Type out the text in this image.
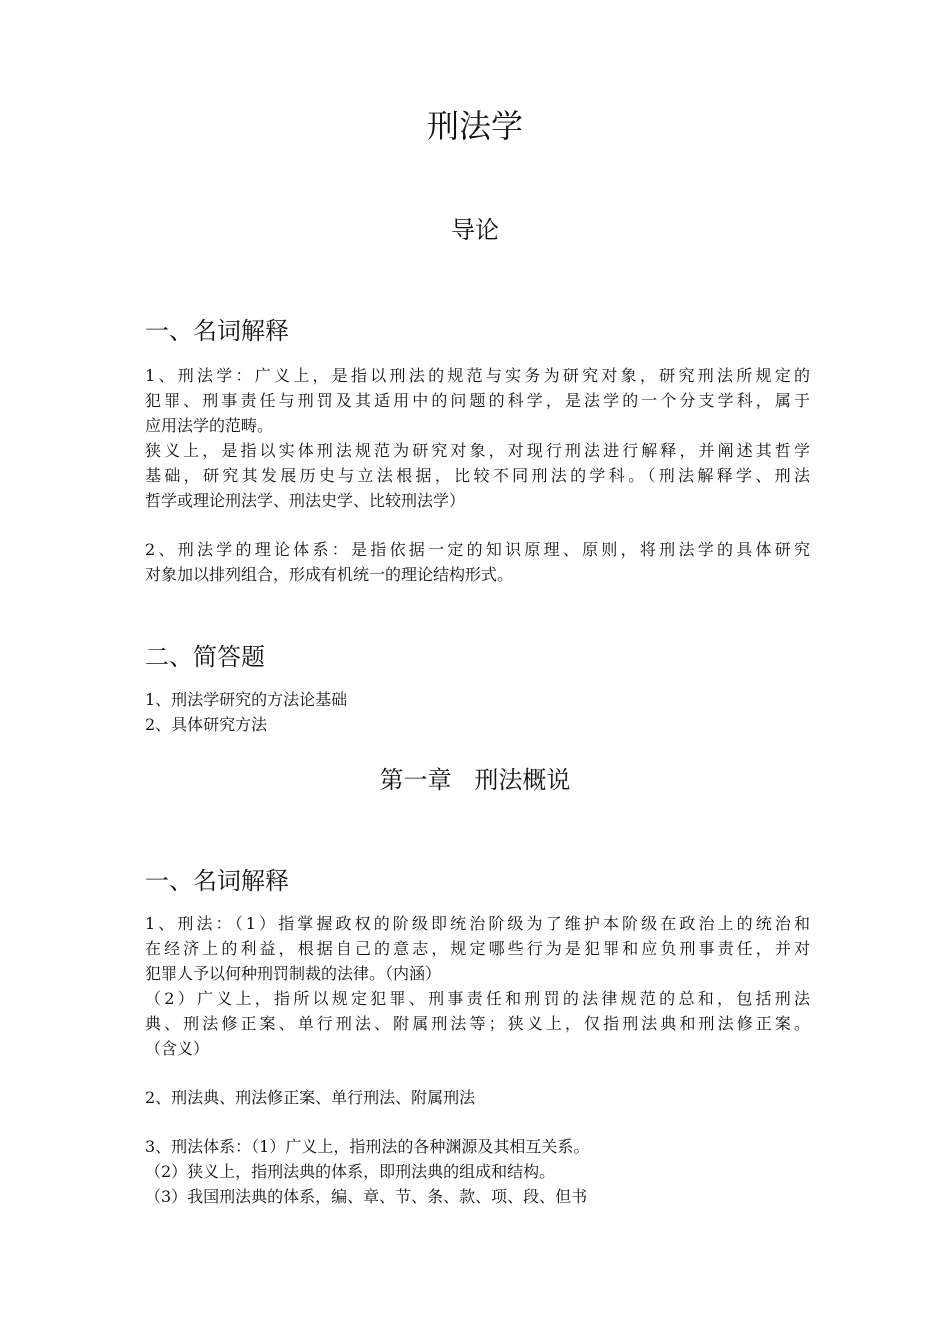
刑法学
导论
一、名词解释
1、刑法学：广义上，是指以刑法的规范与实务为研究对象，研究刑法所规定的
犯罪、刑事责任与刑罚及其适用中的问题的科学，是法学的一个分支学科，属于
应用法学的范畴。
狭义上，是指以实体刑法规范为研究对象，对现行刑法进行解释，并阐述其哲学
基础，研究其发展历史与立法根据，比较不同刑法的学科。（刑法解释学、刑法
哲学或理论刑法学、刑法史学、比较刑法学）
2、刑法学的理论体系：是指依据一定的知识原理、原则，将刑法学的具体研究
对象加以排列组合，形成有机统一的理论结构形式。
二、简答题
1、刑法学研究的方法论基础
2、具体研究方法
第一章   刑法概说
一、名词解释
1、刑法：（1）指掌握政权的阶级即统治阶级为了维护本阶级在政治上的统治和
在经济上的利益，根据自己的意志，规定哪些行为是犯罪和应负刑事责任，并对
犯罪人予以何种刑罚制裁的法律。（内涵）
（2）广义上，指所以规定犯罪、刑事责任和刑罚的法律规范的总和，包括刑法
典、刑法修正案、单行刑法、附属刑法等；狭义上，仅指刑法典和刑法修正案。
（含义）
2、刑法典、刑法修正案、单行刑法、附属刑法
3、刑法体系：（1）广义上，指刑法的各种渊源及其相互关系。
（2）狭义上，指刑法典的体系，即刑法典的组成和结构。
（3）我国刑法典的体系，编、章、节、条、款、项、段、但书
